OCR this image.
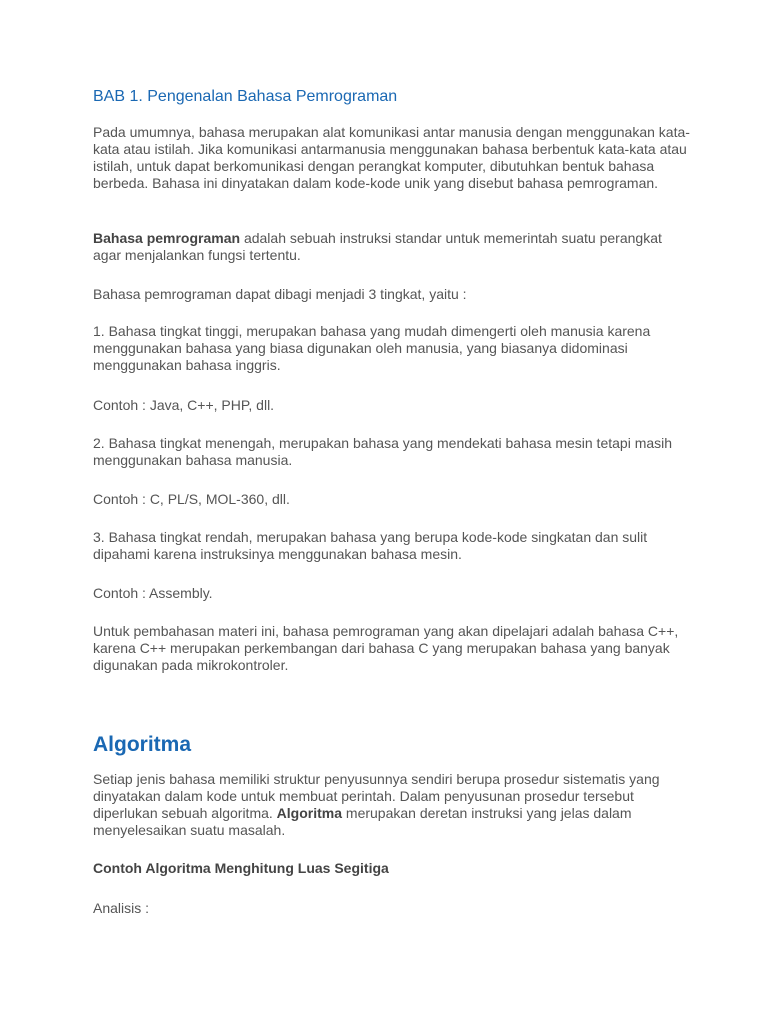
BAB 1. Pengenalan Bahasa Pemrograman
Pada umumnya, bahasa merupakan alat komunikasi antar manusia dengan menggunakan kata-kata atau istilah. Jika komunikasi antarmanusia menggunakan bahasa berbentuk kata-kata atau istilah, untuk dapat berkomunikasi dengan perangkat komputer, dibutuhkan bentuk bahasa berbeda. Bahasa ini dinyatakan dalam kode-kode unik yang disebut bahasa pemrograman.
Bahasa pemrograman adalah sebuah instruksi standar untuk memerintah suatu perangkat agar menjalankan fungsi tertentu.
Bahasa pemrograman dapat dibagi menjadi 3 tingkat, yaitu :
1. Bahasa tingkat tinggi, merupakan bahasa yang mudah dimengerti oleh manusia karena menggunakan bahasa yang biasa digunakan oleh manusia, yang biasanya didominasi menggunakan bahasa inggris.
Contoh : Java, C++, PHP, dll.
2. Bahasa tingkat menengah, merupakan bahasa yang mendekati bahasa mesin tetapi masih menggunakan bahasa manusia.
Contoh : C, PL/S, MOL-360, dll.
3. Bahasa tingkat rendah, merupakan bahasa yang berupa kode-kode singkatan dan sulit dipahami karena instruksinya menggunakan bahasa mesin.
Contoh : Assembly.
Untuk pembahasan materi ini, bahasa pemrograman yang akan dipelajari adalah bahasa C++, karena C++ merupakan perkembangan dari bahasa C yang merupakan bahasa yang banyak digunakan pada mikrokontroler.
Algoritma
Setiap jenis bahasa memiliki struktur penyusunnya sendiri berupa prosedur sistematis yang dinyatakan dalam kode untuk membuat perintah. Dalam penyusunan prosedur tersebut diperlukan sebuah algoritma. Algoritma merupakan deretan instruksi yang jelas dalam menyelesaikan suatu masalah.
Contoh Algoritma Menghitung Luas Segitiga
Analisis :
